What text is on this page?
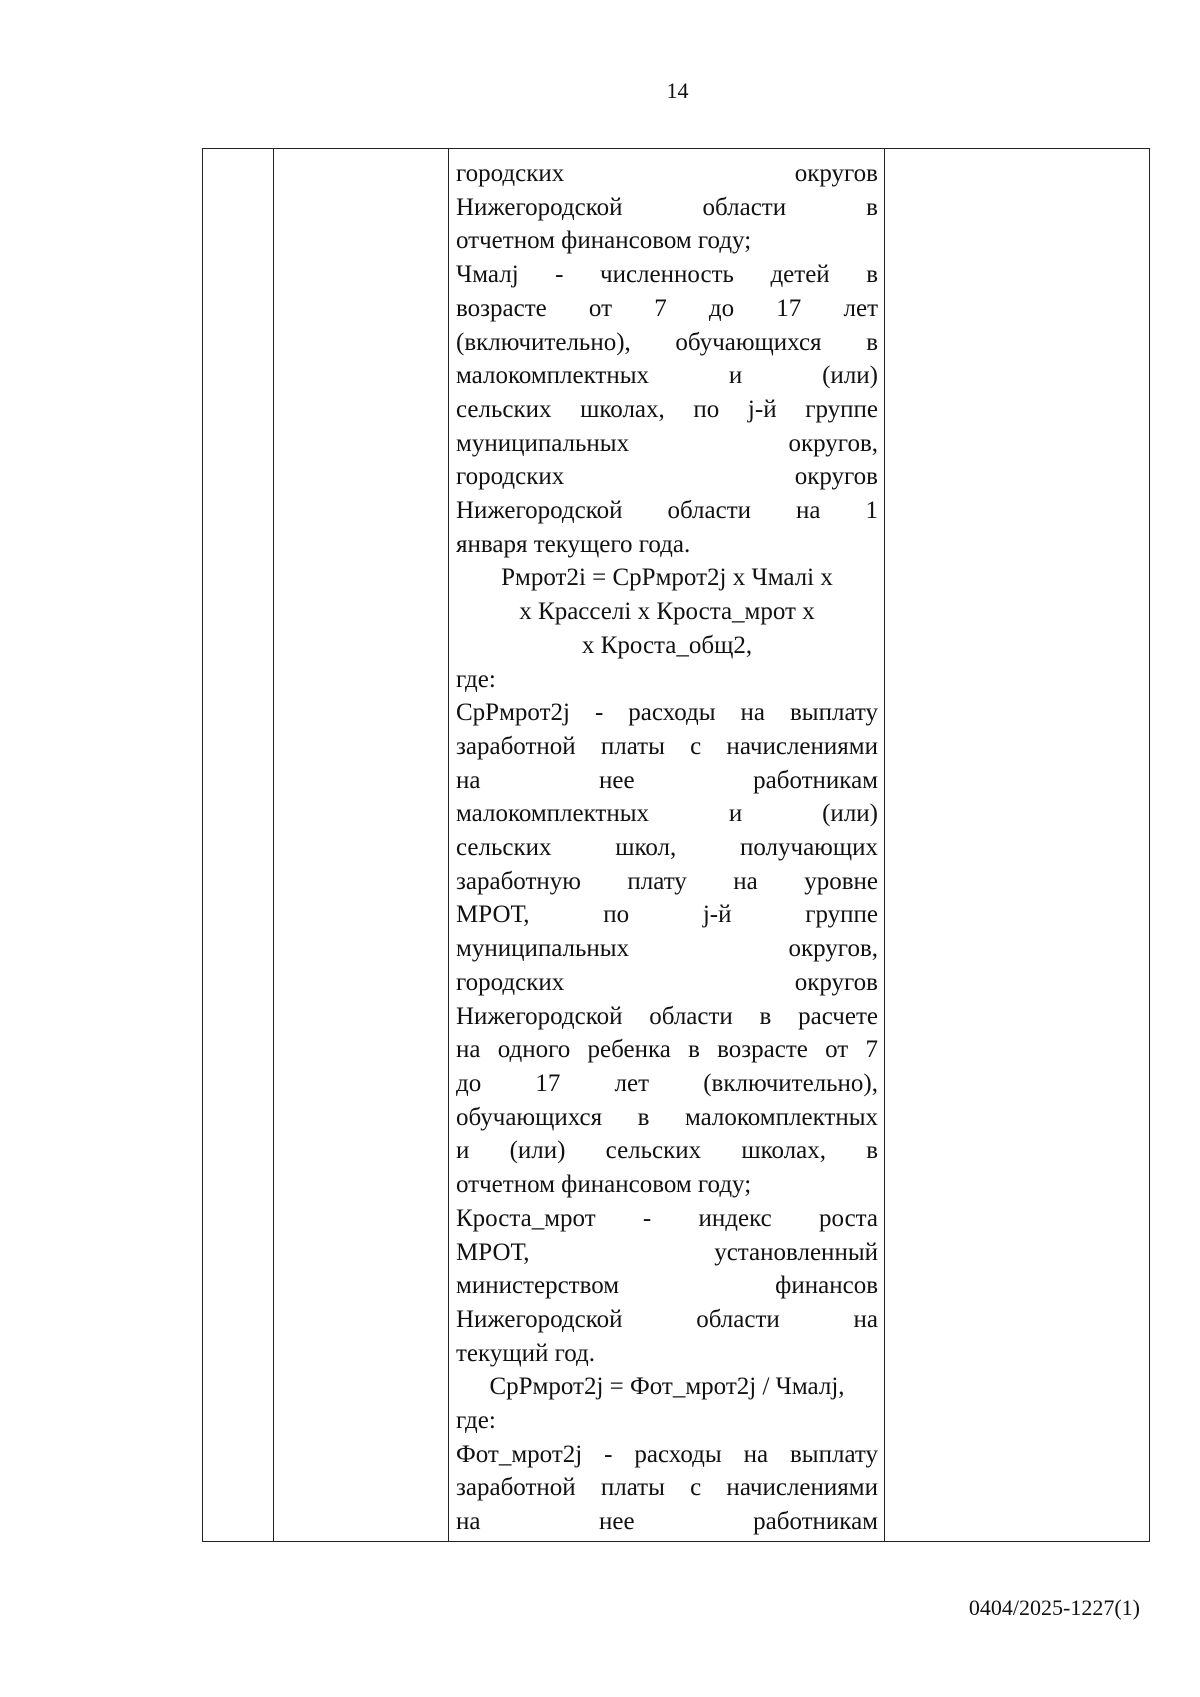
14
городских округов
Нижегородской области в
отчетном финансовом году;
Чмалj - численность детей в
возрасте от 7 до 17 лет
(включительно), обучающихся в
малокомплектных и (или)
сельских школах, по j-й группе
муниципальных округов,
городских округов
Нижегородской области на 1
января текущего года.
Рмрот2i = СрРмрот2j х Чмалi х
х Красселi х Кроста_мрот х
х Кроста_общ2,
где:
СрРмрот2j - расходы на выплату
заработной платы с начислениями
на нее работникам
малокомплектных и (или)
сельских школ, получающих
заработную плату на уровне
МРОТ, по j-й группе
муниципальных округов,
городских округов
Нижегородской области в расчете
на одного ребенка в возрасте от 7
до 17 лет (включительно),
обучающихся в малокомплектных
и (или) сельских школах, в
отчетном финансовом году;
Кроста_мрот - индекс роста
МРОТ, установленный
министерством финансов
Нижегородской области на
текущий год.
СрРмрот2j = Фот_мрот2j / Чмалj,
где:
Фот_мрот2j - расходы на выплату
заработной платы с начислениями
на нее работникам
0404/2025-1227(1)
